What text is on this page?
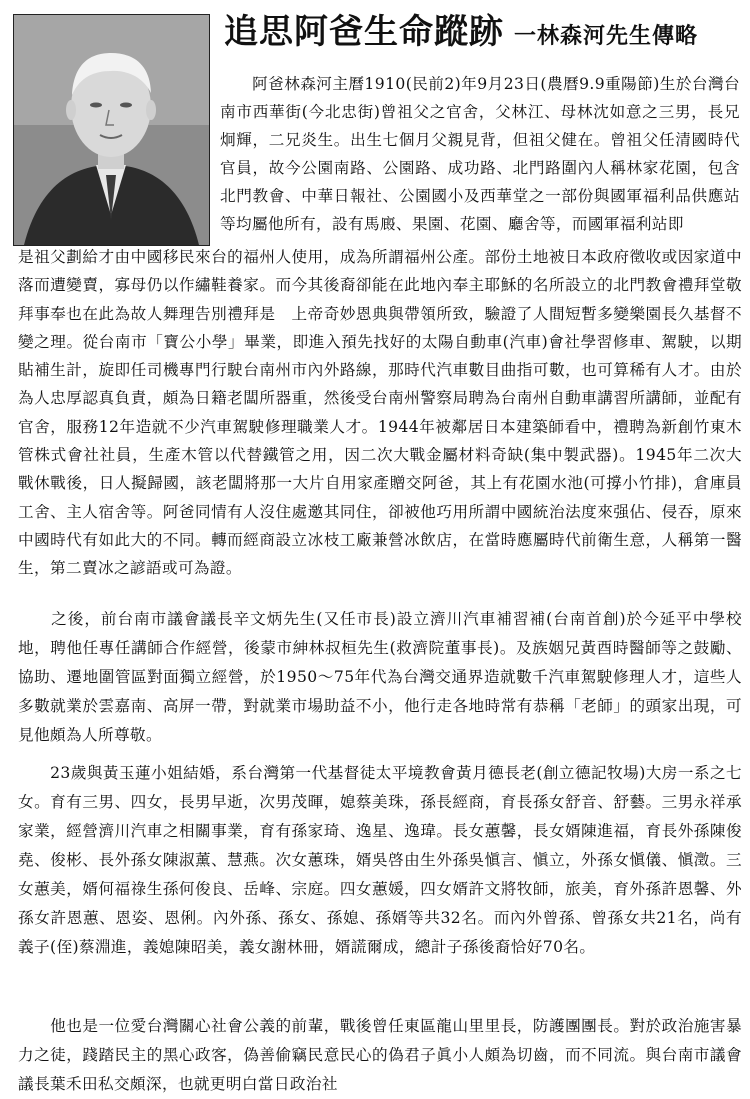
追思阿爸生命蹤跡 一林森河先生傳略

　　阿爸林森河主曆1910(民前2)年9月23日(農曆9.9重陽節)生於台灣台南市西華街(今北忠街)曾祖父之官舍，父林江、母林沈如意之三男，長兄炯輝，二兄炎生。出生七個月父親見背，但祖父健在。曾祖父任清國時代官員，故今公園南路、公園路、成功路、北門路圍內人稱林家花園，包含北門教會、中華日報社、公園國小及西華堂之一部份與國軍福利品供應站等均屬他所有，設有馬廄、果園、花園、廳舍等，而國軍福利站即

是祖父劃給才由中國移民來台的福州人使用，成為所謂福州公產。部份土地被日本政府徵收或因家道中落而遭變賣，寡母仍以作繡鞋養家。而今其後裔卻能在此地內奉主耶穌的名所設立的北門教會禮拜堂敬拜事奉也在此為故人舞理告別禮拜是　上帝奇妙恩典與帶領所致，驗證了人間短暫多變樂園長久基督不變之理。從台南市「寶公小學」畢業，即進入預先找好的太陽自動車(汽車)會社學習修車、駕駛，以期貼補生計，旋即任司機專門行駛台南州市內外路線，那時代汽車數目曲指可數，也可算稀有人才。由於為人忠厚認真負責，頗為日籍老闆所器重，然後受台南州警察局聘為台南州自動車講習所講師，並配有官舍，服務12年造就不少汽車駕駛修理職業人才。1944年被鄰居日本建築師看中，禮聘為新創竹東木管株式會社社員，生產木管以代替鐵管之用，因二次大戰金屬材料奇缺(集中製武器)。1945年二次大戰休戰後，日人擬歸國，該老闆將那一大片自用家產贈交阿爸，其上有花園水池(可撐小竹排)，倉庫員工舍、主人宿舍等。阿爸同情有人沒住處邀其同住，卻被他巧用所謂中國統治法度來强佔、侵吞，原來中國時代有如此大的不同。轉而經商設立冰枝工廠兼營冰飲店，在當時應屬時代前衛生意，人稱第一醫生，第二賣冰之諺語或可為證。

　　之後，前台南市議會議長辛文炳先生(又任市長)設立濟川汽車補習補(台南首創)於今延平中學校地，聘他任專任講師合作經營，後蒙市紳林叔桓先生(救濟院董事長)。及族姻兄黃酉時醫師等之鼓勵、協助、遷地圍管區對面獨立經營，於1950～75年代為台灣交通界造就數千汽車駕駛修理人才，這些人多數就業於雲嘉南、高屏一帶，對就業市場助益不小，他行走各地時常有恭稱「老師」的頭家出現，可見他頗為人所尊敬。

　　23歲與黃玉蓮小姐結婚，系台灣第一代基督徒太平境教會黃月德長老(創立德記牧場)大房一系之七女。育有三男、四女，長男早逝，次男茂暉，媳蔡美珠，孫長經商，育長孫女舒音、舒藝。三男永祥承家業，經營濟川汽車之相關事業，育有孫家琦、逸星、逸瑋。長女蕙馨，長女婿陳進福，育長外孫陳俊堯、俊彬、長外孫女陳淑薰、慧燕。次女蕙珠，婿吳啓由生外孫吳愼言、愼立，外孫女愼儀、愼澂。三女蕙美，婿何福祿生孫何俊良、岳峰、宗庭。四女蕙媛，四女婿許文將牧師，旅美，育外孫許恩馨、外孫女許恩蕙、恩姿、恩俐。內外孫、孫女、孫媳、孫婿等共32名。而內外曾孫、曾孫女共21名，尚有義子(侄)蔡淵進，義媳陳昭美，義女謝林冊，婿謊爾成，總計子孫後裔恰好70名。

　　他也是一位愛台灣關心社會公義的前輩，戰後曾任東區龍山里里長，防護團團長。對於政治施害暴力之徒，踐踏民主的黑心政客，偽善偷竊民意民心的偽君子眞小人頗為切齒，而不同流。與台南市議會議長葉禾田私交頗深，也就更明白當日政治社
